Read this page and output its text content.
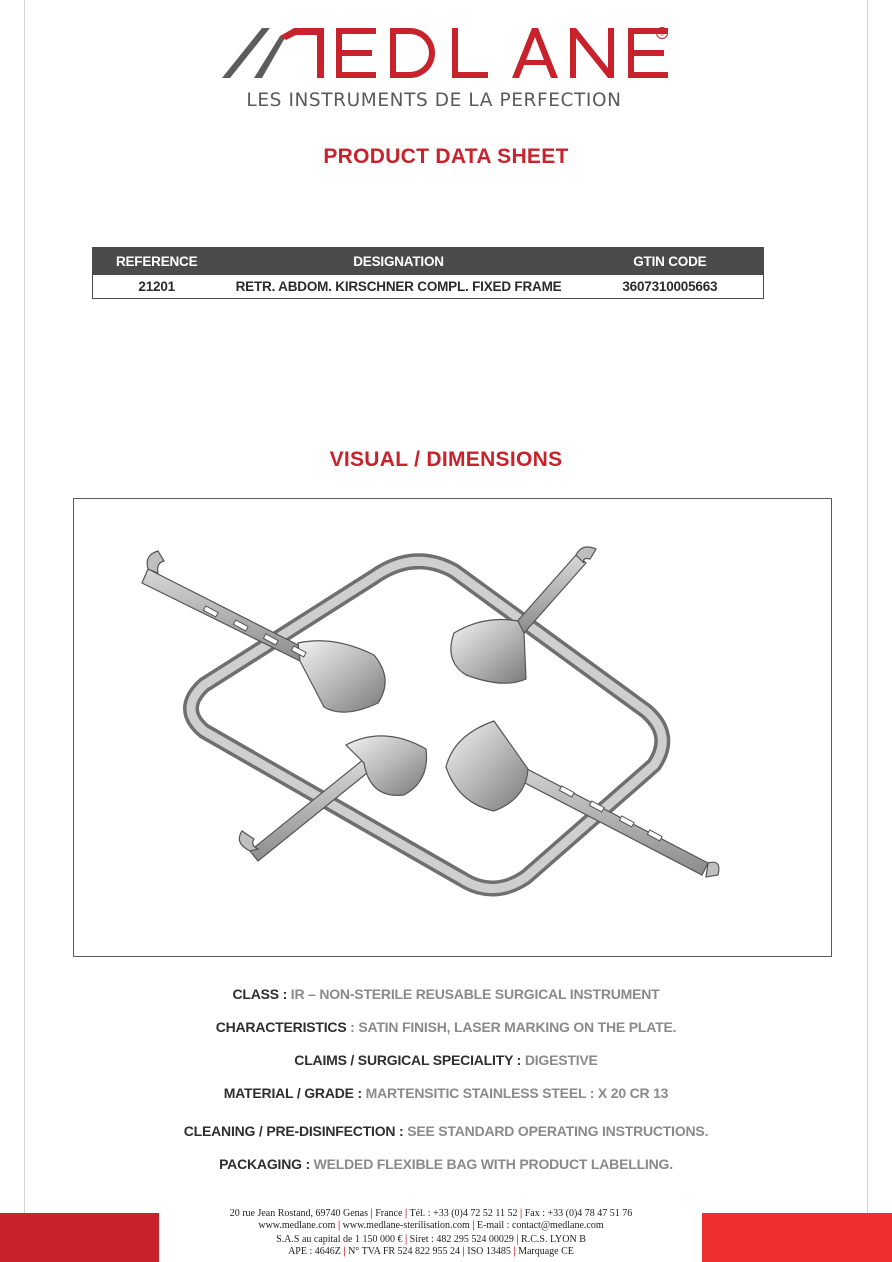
®
LES INSTRUMENTS DE LA PERFECTION
PRODUCT DATA SHEET
REFERENCE	DESIGNATION	GTIN CODE
21201	RETR. ABDOM. KIRSCHNER COMPL. FIXED FRAME	3607310005663
VISUAL / DIMENSIONS
CLASS : IR – NON-STERILE REUSABLE SURGICAL INSTRUMENT
CHARACTERISTICS : SATIN FINISH, LASER MARKING ON THE PLATE.
CLAIMS / SURGICAL SPECIALITY : DIGESTIVE
MATERIAL / GRADE : MARTENSITIC STAINLESS STEEL : X 20 CR 13
CLEANING / PRE-DISINFECTION : SEE STANDARD OPERATING INSTRUCTIONS.
PACKAGING : WELDED FLEXIBLE BAG WITH PRODUCT LABELLING.
20 rue Jean Rostand, 69740 Genas | France | Tél. : +33 (0)4 72 52 11 52 | Fax : +33 (0)4 78 47 51 76
www.medlane.com | www.medlane-sterilisation.com | E-mail : contact@medlane.com
S.A.S au capital de 1 150 000 € | Siret : 482 295 524 00029 | R.C.S. LYON B
APE : 4646Z | N° TVA FR 524 822 955 24 | ISO 13485 | Marquage CE
